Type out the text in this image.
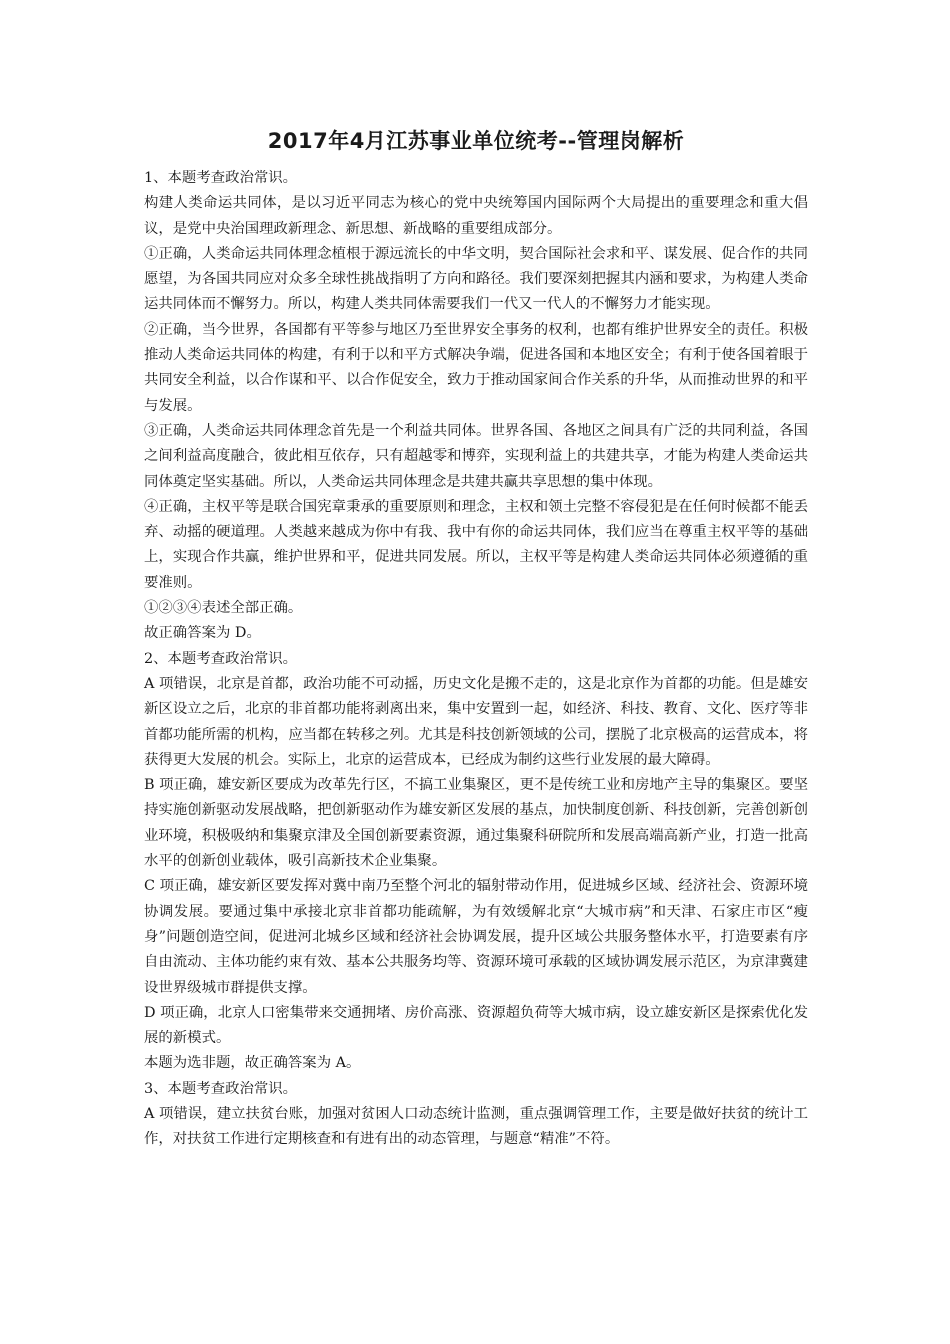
2017年4月江苏事业单位统考--管理岗解析

1、本题考查政治常识。

构建人类命运共同体，是以习近平同志为核心的党中央统筹国内国际两个大局提出的重要理念和重大倡议，是党中央治国理政新理念、新思想、新战略的重要组成部分。

①正确，人类命运共同体理念植根于源远流长的中华文明，契合国际社会求和平、谋发展、促合作的共同愿望，为各国共同应对众多全球性挑战指明了方向和路径。我们要深刻把握其内涵和要求，为构建人类命运共同体而不懈努力。所以，构建人类共同体需要我们一代又一代人的不懈努力才能实现。

②正确，当今世界，各国都有平等参与地区乃至世界安全事务的权利，也都有维护世界安全的责任。积极推动人类命运共同体的构建，有利于以和平方式解决争端，促进各国和本地区安全；有利于使各国着眼于共同安全利益，以合作谋和平、以合作促安全，致力于推动国家间合作关系的升华，从而推动世界的和平与发展。

③正确，人类命运共同体理念首先是一个利益共同体。世界各国、各地区之间具有广泛的共同利益，各国之间利益高度融合，彼此相互依存，只有超越零和博弈，实现利益上的共建共享，才能为构建人类命运共同体奠定坚实基础。所以，人类命运共同体理念是共建共赢共享思想的集中体现。

④正确，主权平等是联合国宪章秉承的重要原则和理念，主权和领土完整不容侵犯是在任何时候都不能丢弃、动摇的硬道理。人类越来越成为你中有我、我中有你的命运共同体，我们应当在尊重主权平等的基础上，实现合作共赢，维护世界和平，促进共同发展。所以，主权平等是构建人类命运共同体必须遵循的重要准则。

①②③④表述全部正确。

故正确答案为 D。

2、本题考查政治常识。

A 项错误，北京是首都，政治功能不可动摇，历史文化是搬不走的，这是北京作为首都的功能。但是雄安新区设立之后，北京的非首都功能将剥离出来，集中安置到一起，如经济、科技、教育、文化、医疗等非首都功能所需的机构，应当都在转移之列。尤其是科技创新领域的公司，摆脱了北京极高的运营成本，将获得更大发展的机会。实际上，北京的运营成本，已经成为制约这些行业发展的最大障碍。

B 项正确，雄安新区要成为改革先行区，不搞工业集聚区，更不是传统工业和房地产主导的集聚区。要坚持实施创新驱动发展战略，把创新驱动作为雄安新区发展的基点，加快制度创新、科技创新，完善创新创业环境，积极吸纳和集聚京津及全国创新要素资源，通过集聚科研院所和发展高端高新产业，打造一批高水平的创新创业载体，吸引高新技术企业集聚。

C 项正确，雄安新区要发挥对冀中南乃至整个河北的辐射带动作用，促进城乡区域、经济社会、资源环境协调发展。要通过集中承接北京非首都功能疏解，为有效缓解北京“大城市病”和天津、石家庄市区“瘦身”问题创造空间，促进河北城乡区域和经济社会协调发展，提升区域公共服务整体水平，打造要素有序自由流动、主体功能约束有效、基本公共服务均等、资源环境可承载的区域协调发展示范区，为京津冀建设世界级城市群提供支撑。

D 项正确，北京人口密集带来交通拥堵、房价高涨、资源超负荷等大城市病，设立雄安新区是探索优化发展的新模式。

本题为选非题，故正确答案为 A。

3、本题考查政治常识。

A 项错误，建立扶贫台账，加强对贫困人口动态统计监测，重点强调管理工作，主要是做好扶贫的统计工作，对扶贫工作进行定期核查和有进有出的动态管理，与题意“精准”不符。
